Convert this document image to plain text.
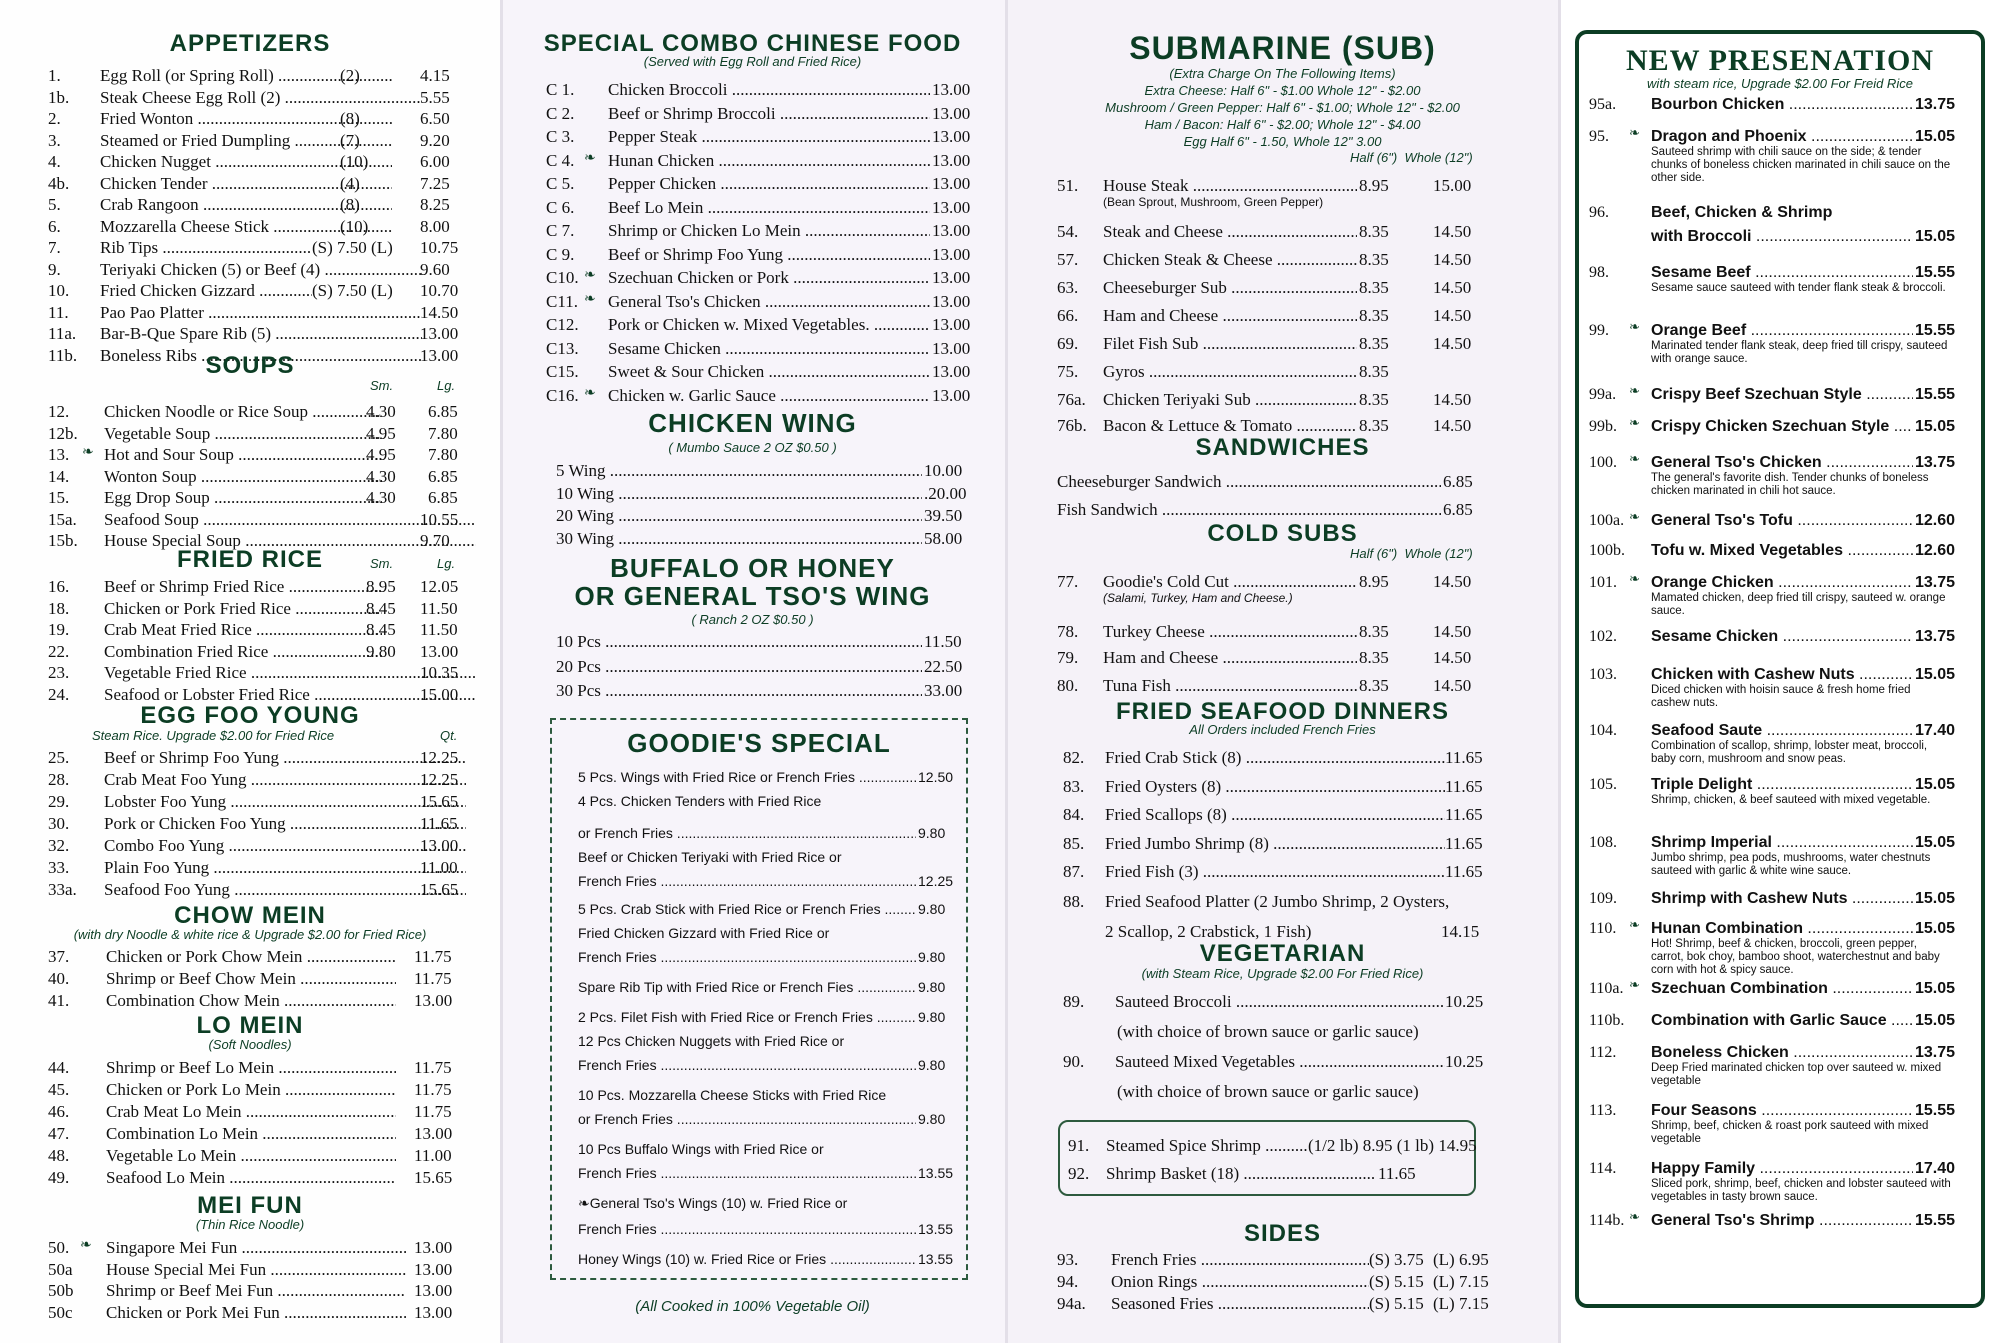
APPETIZERS
1. Egg Roll (or Spring Roll) .....	(2)	4.15
1b. Steak Cheese Egg Roll (2) .....	5.55
2. Fried Wonton .....	(8)	6.50
3. Steamed or Fried Dumpling .....	(7)	9.20
4. Chicken Nugget .....	(10)	6.00
4b. Chicken Tender .....	(4)	7.25
5. Crab Rangoon .....	(8)	8.25
6. Mozzarella Cheese Stick .....	(10)	8.00
7. Rib Tips .....	(S) 7.50 (L) 10.75
9. Teriyaki Chicken (5) or Beef (4) .....	9.60
10. Fried Chicken Gizzard .....	(S) 7.50 (L) 10.70
11. Pao Pao Platter .....	14.50
11a. Bar-B-Que Spare Rib (5) .....	13.00
11b. Boneless Ribs .....	13.00
SOUPS
Sm.	Lg.
12. Chicken Noodle or Rice Soup .....	4.30 6.85
12b. Vegetable Soup .....	4.95 7.80
13. ❧ Hot and Sour Soup .....	4.95 7.80
14. Wonton Soup .....	4.30 6.85
15. Egg Drop Soup .....	4.30 6.85
15a. Seafood Soup .....	10.55
15b. House Special Soup .....	9.70
FRIED RICE	Sm.	Lg.
16. Beef or Shrimp Fried Rice .....	8.95 12.05
18. Chicken or Pork Fried Rice .....	8.45 11.50
19. Crab Meat Fried Rice .....	8.45 11.50
22. Combination Fried Rice .....	9.80 13.00
23. Vegetable Fried Rice .....	10.35
24. Seafood or Lobster Fried Rice .....	15.00
EGG FOO YOUNG
Steam Rice. Upgrade $2.00 for Fried Rice	Qt.
25. Beef or Shrimp Foo Yung .....	12.25
28. Crab Meat Foo Yung .....	12.25
29. Lobster Foo Yung .....	15.65
30. Pork or Chicken Foo Yung .....	11.65
32. Combo Foo Yung .....	13.00
33. Plain Foo Yung .....	11.00
33a. Seafood Foo Yung .....	15.65
CHOW MEIN
(with dry Noodle & white rice & Upgrade $2.00 for Fried Rice)
37. Chicken or Pork Chow Mein .....	11.75
40. Shrimp or Beef Chow Mein .....	11.75
41. Combination Chow Mein .....	13.00
LO MEIN
(Soft Noodles)
44. Shrimp or Beef Lo Mein .....	11.75
45. Chicken or Pork Lo Mein .....	11.75
46. Crab Meat Lo Mein .....	11.75
47. Combination Lo Mein .....	13.00
48. Vegetable Lo Mein .....	11.00
49. Seafood Lo Mein .....	15.65
MEI FUN
(Thin Rice Noodle)
50. ❧ Singapore Mei Fun .....	13.00
50a House Special Mei Fun .....	13.00
50b Shrimp or Beef Mei Fun .....	13.00
50c Chicken or Pork Mei Fun .....	13.00
SPECIAL COMBO CHINESE FOOD
(Served with Egg Roll and Fried Rice)
C 1. Chicken Broccoli .....	13.00
C 2. Beef or Shrimp Broccoli .....	13.00
C 3. Pepper Steak .....	13.00
C 4. ❧ Hunan Chicken .....	13.00
C 5. Pepper Chicken .....	13.00
C 6. Beef Lo Mein .....	13.00
C 7. Shrimp or Chicken Lo Mein .....	13.00
C 9. Beef or Shrimp Foo Yung .....	13.00
C10. ❧ Szechuan Chicken or Pork .....	13.00
C11. ❧ General Tso's Chicken .....	13.00
C12. Pork or Chicken w. Mixed Vegetables. .....	13.00
C13. Sesame Chicken .....	13.00
C15. Sweet & Sour Chicken .....	13.00
C16. ❧ Chicken w. Garlic Sauce .....	13.00
CHICKEN WING
( Mumbo Sauce 2 OZ $0.50 )
5 Wing .....	10.00
10 Wing .....	.20.00
20 Wing .....	39.50
30 Wing .....	58.00
BUFFALO OR HONEY
OR GENERAL TSO'S WING
( Ranch 2 OZ $0.50 )
10 Pcs .....	11.50
20 Pcs .....	22.50
30 Pcs .....	33.00
(All Cooked in 100% Vegetable Oil)
SUBMARINE (SUB)
(Extra Charge On The Following Items)
Extra Cheese: Half 6" - $1.00 Whole 12" - $2.00
Mushroom / Green Pepper: Half 6" - $1.00; Whole 12" - $2.00
Ham / Bacon: Half 6" - $2.00; Whole 12" - $4.00
Egg Half 6" - 1.50, Whole 12" 3.00
Half (6")  Whole (12")
51. House Steak .....	8.95	15.00
54. Steak and Cheese .....	8.35	14.50
57. Chicken Steak & Cheese .....	8.35	14.50
63. Cheeseburger Sub .....	8.35	14.50
66. Ham and Cheese .....	8.35	14.50
69. Filet Fish Sub .....	8.35	14.50
75. Gyros .....	8.35
76a. Chicken Teriyaki Sub .....	8.35	14.50
76b. Bacon & Lettuce & Tomato .....	8.35	14.50
(Bean Sprout, Mushroom, Green Pepper)
SANDWICHES
Cheeseburger Sandwich .....	6.85
Fish Sandwich .....	6.85
COLD SUBS
Half (6")  Whole (12")
77. Goodie's Cold Cut .....	8.95	14.50
78. Turkey Cheese .....	8.35	14.50
79. Ham and Cheese .....	8.35	14.50
80. Tuna Fish .....	8.35	14.50
(Salami, Turkey, Ham and Cheese.)
FRIED SEAFOOD DINNERS
All Orders included French Fries
82. Fried Crab Stick (8) .....	11.65
83. Fried Oysters (8) .....	11.65
84. Fried Scallops (8) .....	11.65
85. Fried Jumbo Shrimp (8) .....	11.65
87. Fried Fish (3) .....	11.65
88. Fried Seafood Platter (2 Jumbo Shrimp, 2 Oysters,
2 Scallop, 2 Crabstick, 1 Fish) .....	14.15
VEGETARIAN
(with Steam Rice, Upgrade $2.00 For Fried Rice)
89. Sauteed Broccoli .....	10.25
(with choice of brown sauce or garlic sauce)
90. Sauteed Mixed Vegetables .....	10.25
(with choice of brown sauce or garlic sauce)
SIDES
93. French Fries .....	(S) 3.75 (L) 6.95
94. Onion Rings .....	(S) 5.15 (L) 7.15
94a. Seasoned Fries .....	(S) 5.15 (L) 7.15
GOODIE'S SPECIAL
5 Pcs. Wings with Fried Rice or French Fries .....	12.50
4 Pcs. Chicken Tenders with Fried Rice
or French Fries .....	9.80
Beef or Chicken Teriyaki with Fried Rice or
French Fries .....	12.25
5 Pcs. Crab Stick with Fried Rice or French Fries .....	9.80
Fried Chicken Gizzard with Fried Rice or
French Fries .....	9.80
Spare Rib Tip with Fried Rice or French Fies .....	9.80
2 Pcs. Filet Fish with Fried Rice or French Fries .....	9.80
12 Pcs Chicken Nuggets with Fried Rice or
French Fries .....	9.80
10 Pcs. Mozzarella Cheese Sticks with Fried Rice
or French Fries .....	9.80
10 Pcs Buffalo Wings with Fried Rice or
French Fries .....	13.55
❧ General Tso's Wings (10) w. Fried Rice or
French Fries .....	13.55
Honey Wings (10) w. Fried Rice or Fries .....	13.55
91. Steamed Spice Shrimp .....	(1/2 lb) 8.95 (1 lb) 14.95
92. Shrimp Basket (18) .....	11.65
NEW PRESENATION
with steam rice, Upgrade $2.00 For Freid Rice
95a. Bourbon Chicken .....	13.75
95. ❧ Dragon and Phoenix .....	15.05
Sauteed shrimp with chili sauce on the side; & tender chunks of boneless chicken marinated in chili sauce on the other side.
96.	Beef, Chicken & Shrimp
with Broccoli .....	15.05
98.	Sesame Beef .....	15.55
Sesame sauce sauteed with tender flank steak & broccoli.
99. ❧ Orange Beef .....	15.55
Marinated tender flank steak, deep fried till crispy, sauteed with orange sauce.
99a. ❧ Crispy Beef Szechuan Style .....	15.55
99b. ❧ Crispy Chicken Szechuan Style .....	15.05
100. ❧ General Tso's Chicken .....	13.75
The general's favorite dish. Tender chunks of boneless chicken marinated in chili hot sauce.
100a. ❧ General Tso's Tofu .....	12.60
100b. Tofu w. Mixed Vegetables .....	12.60
101. ❧ Orange Chicken .....	13.75
Mamated chicken, deep fried till crispy, sauteed w. orange sauce.
102. Sesame Chicken .....	13.75
103. Chicken with Cashew Nuts .....	15.05
Diced chicken with hoisin sauce & fresh home fried cashew nuts.
104. Seafood Saute .....	17.40
Combination of scallop, shrimp, lobster meat, broccoli, baby corn, mushroom and snow peas.
105. Triple Delight .....	15.05
Shrimp, chicken, & beef sauteed with mixed vegetable.
108. Shrimp Imperial .....	15.05
Jumbo shrimp, pea pods, mushrooms, water chestnuts sauteed with garlic & white wine sauce.
109. Shrimp with Cashew Nuts .....	15.05
110. ❧ Hunan Combination .....	15.05
Hot! Shrimp, beef & chicken, broccoli, green pepper, carrot, bok choy, bamboo shoot, waterchestnut and baby corn with hot & spicy sauce.
110a. ❧ Szechuan Combination .....	15.05
110b. Combination with Garlic Sauce .....	15.05
112. Boneless Chicken .....	13.75
Deep Fried marinated chicken top over sauteed w. mixed vegetable
113. Four Seasons .....	15.55
Shrimp, beef, chicken & roast pork sauteed with mixed vegetable
114. Happy Family .....	17.40
Sliced pork, shrimp, beef, chicken and lobster sauteed with vegetables in tasty brown sauce.
114b. ❧ General Tso's Shrimp .....	15.55
